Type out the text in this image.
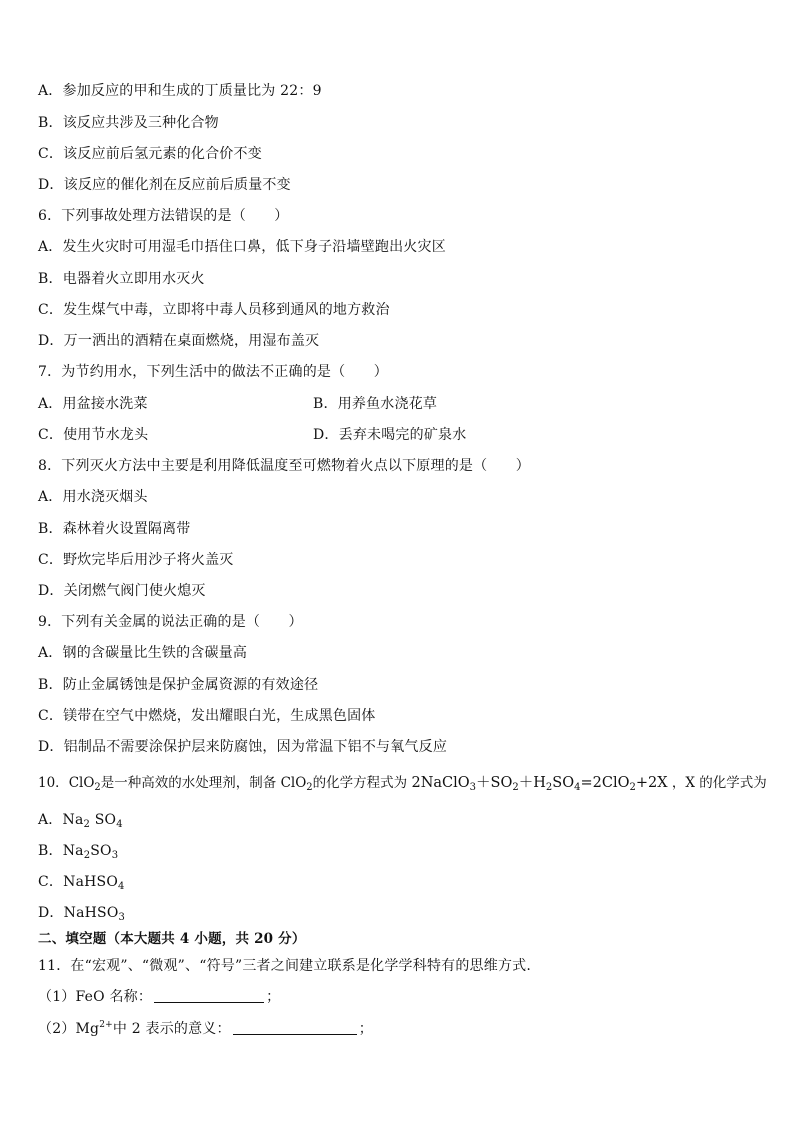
A．参加反应的甲和生成的丁质量比为 22：9
B．该反应共涉及三种化合物
C．该反应前后氢元素的化合价不变
D．该反应的催化剂在反应前后质量不变
6．下列事故处理方法错误的是（　　）
A．发生火灾时可用湿毛巾捂住口鼻，低下身子沿墙壁跑出火灾区
B．电器着火立即用水灭火
C．发生煤气中毒，立即将中毒人员移到通风的地方救治
D．万一洒出的酒精在桌面燃烧，用湿布盖灭
7．为节约用水，下列生活中的做法不正确的是（　　）
A．用盆接水洗菜	B．用养鱼水浇花草
C．使用节水龙头	D．丢弃未喝完的矿泉水
8．下列灭火方法中主要是利用降低温度至可燃物着火点以下原理的是（　　）
A．用水浇灭烟头
B．森林着火设置隔离带
C．野炊完毕后用沙子将火盖灭
D．关闭燃气阀门使火熄灭
9．下列有关金属的说法正确的是（　　）
A．钢的含碳量比生铁的含碳量高
B．防止金属锈蚀是保护金属资源的有效途径
C．镁带在空气中燃烧，发出耀眼白光，生成黑色固体
D．铝制品不需要涂保护层来防腐蚀，因为常温下铝不与氧气反应
10．ClO$_2$是一种高效的水处理剂，制备 ClO$_2$的化学方程式为 $2NaClO_3+SO_2+H_2SO_4=2ClO_2+2X$ ，X 的化学式为
A．$Na_2$ $SO_4$
B．$Na_2SO_3$
C．NaHSO$_4$
D．NaHSO$_3$
二、填空题（本大题共 4 小题，共 20 分）
11．在“宏观”、“微观”、“符号”三者之间建立联系是化学学科特有的思维方式.
（1）FeO 名称：	；
$(2)Mg^{2+}$中 2 表示的意义：	；
